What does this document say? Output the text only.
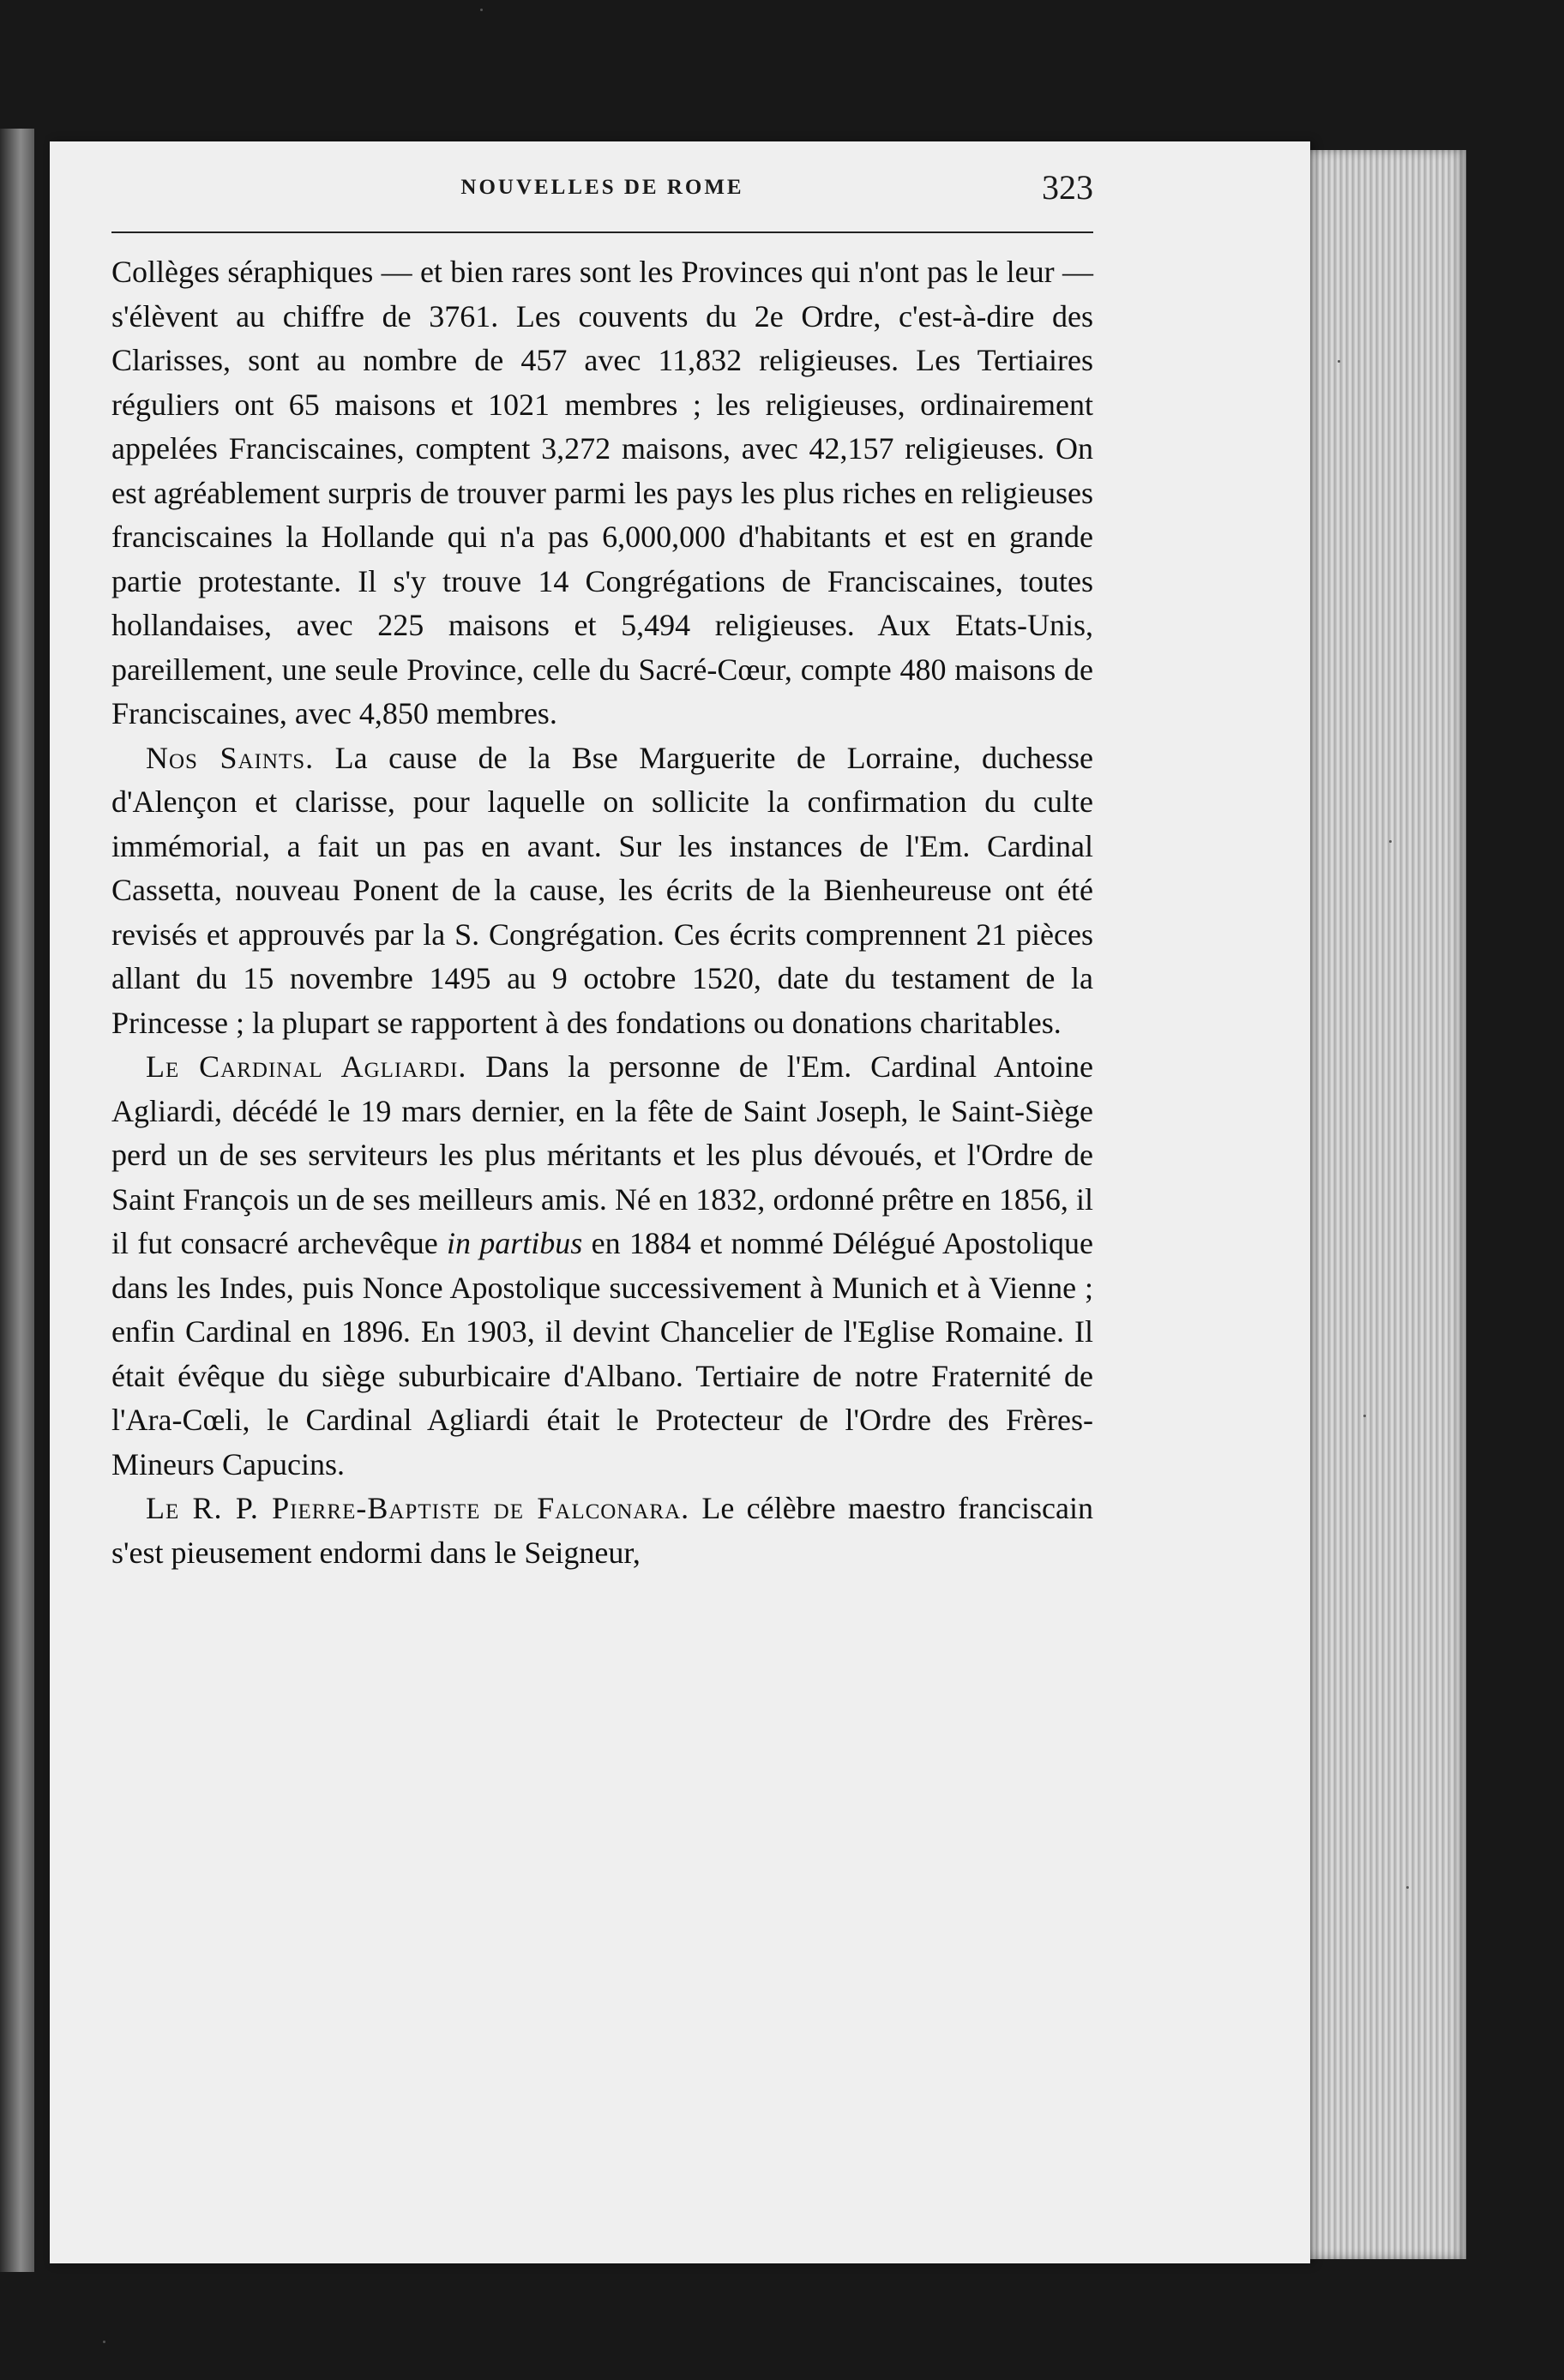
NOUVELLES DE ROME	323

Collèges séraphiques — et bien rares sont les Provinces qui n'ont pas le leur — s'élèvent au chiffre de 3761. Les couvents du 2e Ordre, c'est-à-dire des Clarisses, sont au nombre de 457 avec 11,832 religieuses. Les Tertiaires réguliers ont 65 maisons et 1021 membres ; les religieuses, ordinairement appelées Franciscaines, comptent 3,272 maisons, avec 42,157 religieuses. On est agréablement surpris de trouver parmi les pays les plus riches en religieuses franciscaines la Hollande qui n'a pas 6,000,000 d'habitants et est en grande partie protestante. Il s'y trouve 14 Congrégations de Franciscaines, toutes hollandaises, avec 225 maisons et 5,494 religieuses. Aux Etats-Unis, pareillement, une seule Province, celle du Sacré-Cœur, compte 480 maisons de Franciscaines, avec 4,850 membres.

Nos Saints. La cause de la Bse Marguerite de Lorraine, duchesse d'Alençon et clarisse, pour laquelle on sollicite la confirmation du culte immémorial, a fait un pas en avant. Sur les instances de l'Em. Cardinal Cassetta, nouveau Ponent de la cause, les écrits de la Bienheureuse ont été revisés et approuvés par la S. Congrégation. Ces écrits comprennent 21 pièces allant du 15 novembre 1495 au 9 octobre 1520, date du testament de la Princesse ; la plupart se rapportent à des fondations ou donations charitables.

Le Cardinal Agliardi. Dans la personne de l'Em. Cardinal Antoine Agliardi, décédé le 19 mars dernier, en la fête de Saint Joseph, le Saint-Siège perd un de ses serviteurs les plus méritants et les plus dévoués, et l'Ordre de Saint François un de ses meilleurs amis. Né en 1832, ordonné prêtre en 1856, il il fut consacré archevêque in partibus en 1884 et nommé Délégué Apostolique dans les Indes, puis Nonce Apostolique successivement à Munich et à Vienne ; enfin Cardinal en 1896. En 1903, il devint Chancelier de l'Eglise Romaine. Il était évêque du siège suburbicaire d'Albano. Tertiaire de notre Fraternité de l'Ara-Cœli, le Cardinal Agliardi était le Protecteur de l'Ordre des Frères-Mineurs Capucins.

Le R. P. Pierre-Baptiste de Falconara. Le célèbre maestro franciscain s'est pieusement endormi dans le Seigneur,
